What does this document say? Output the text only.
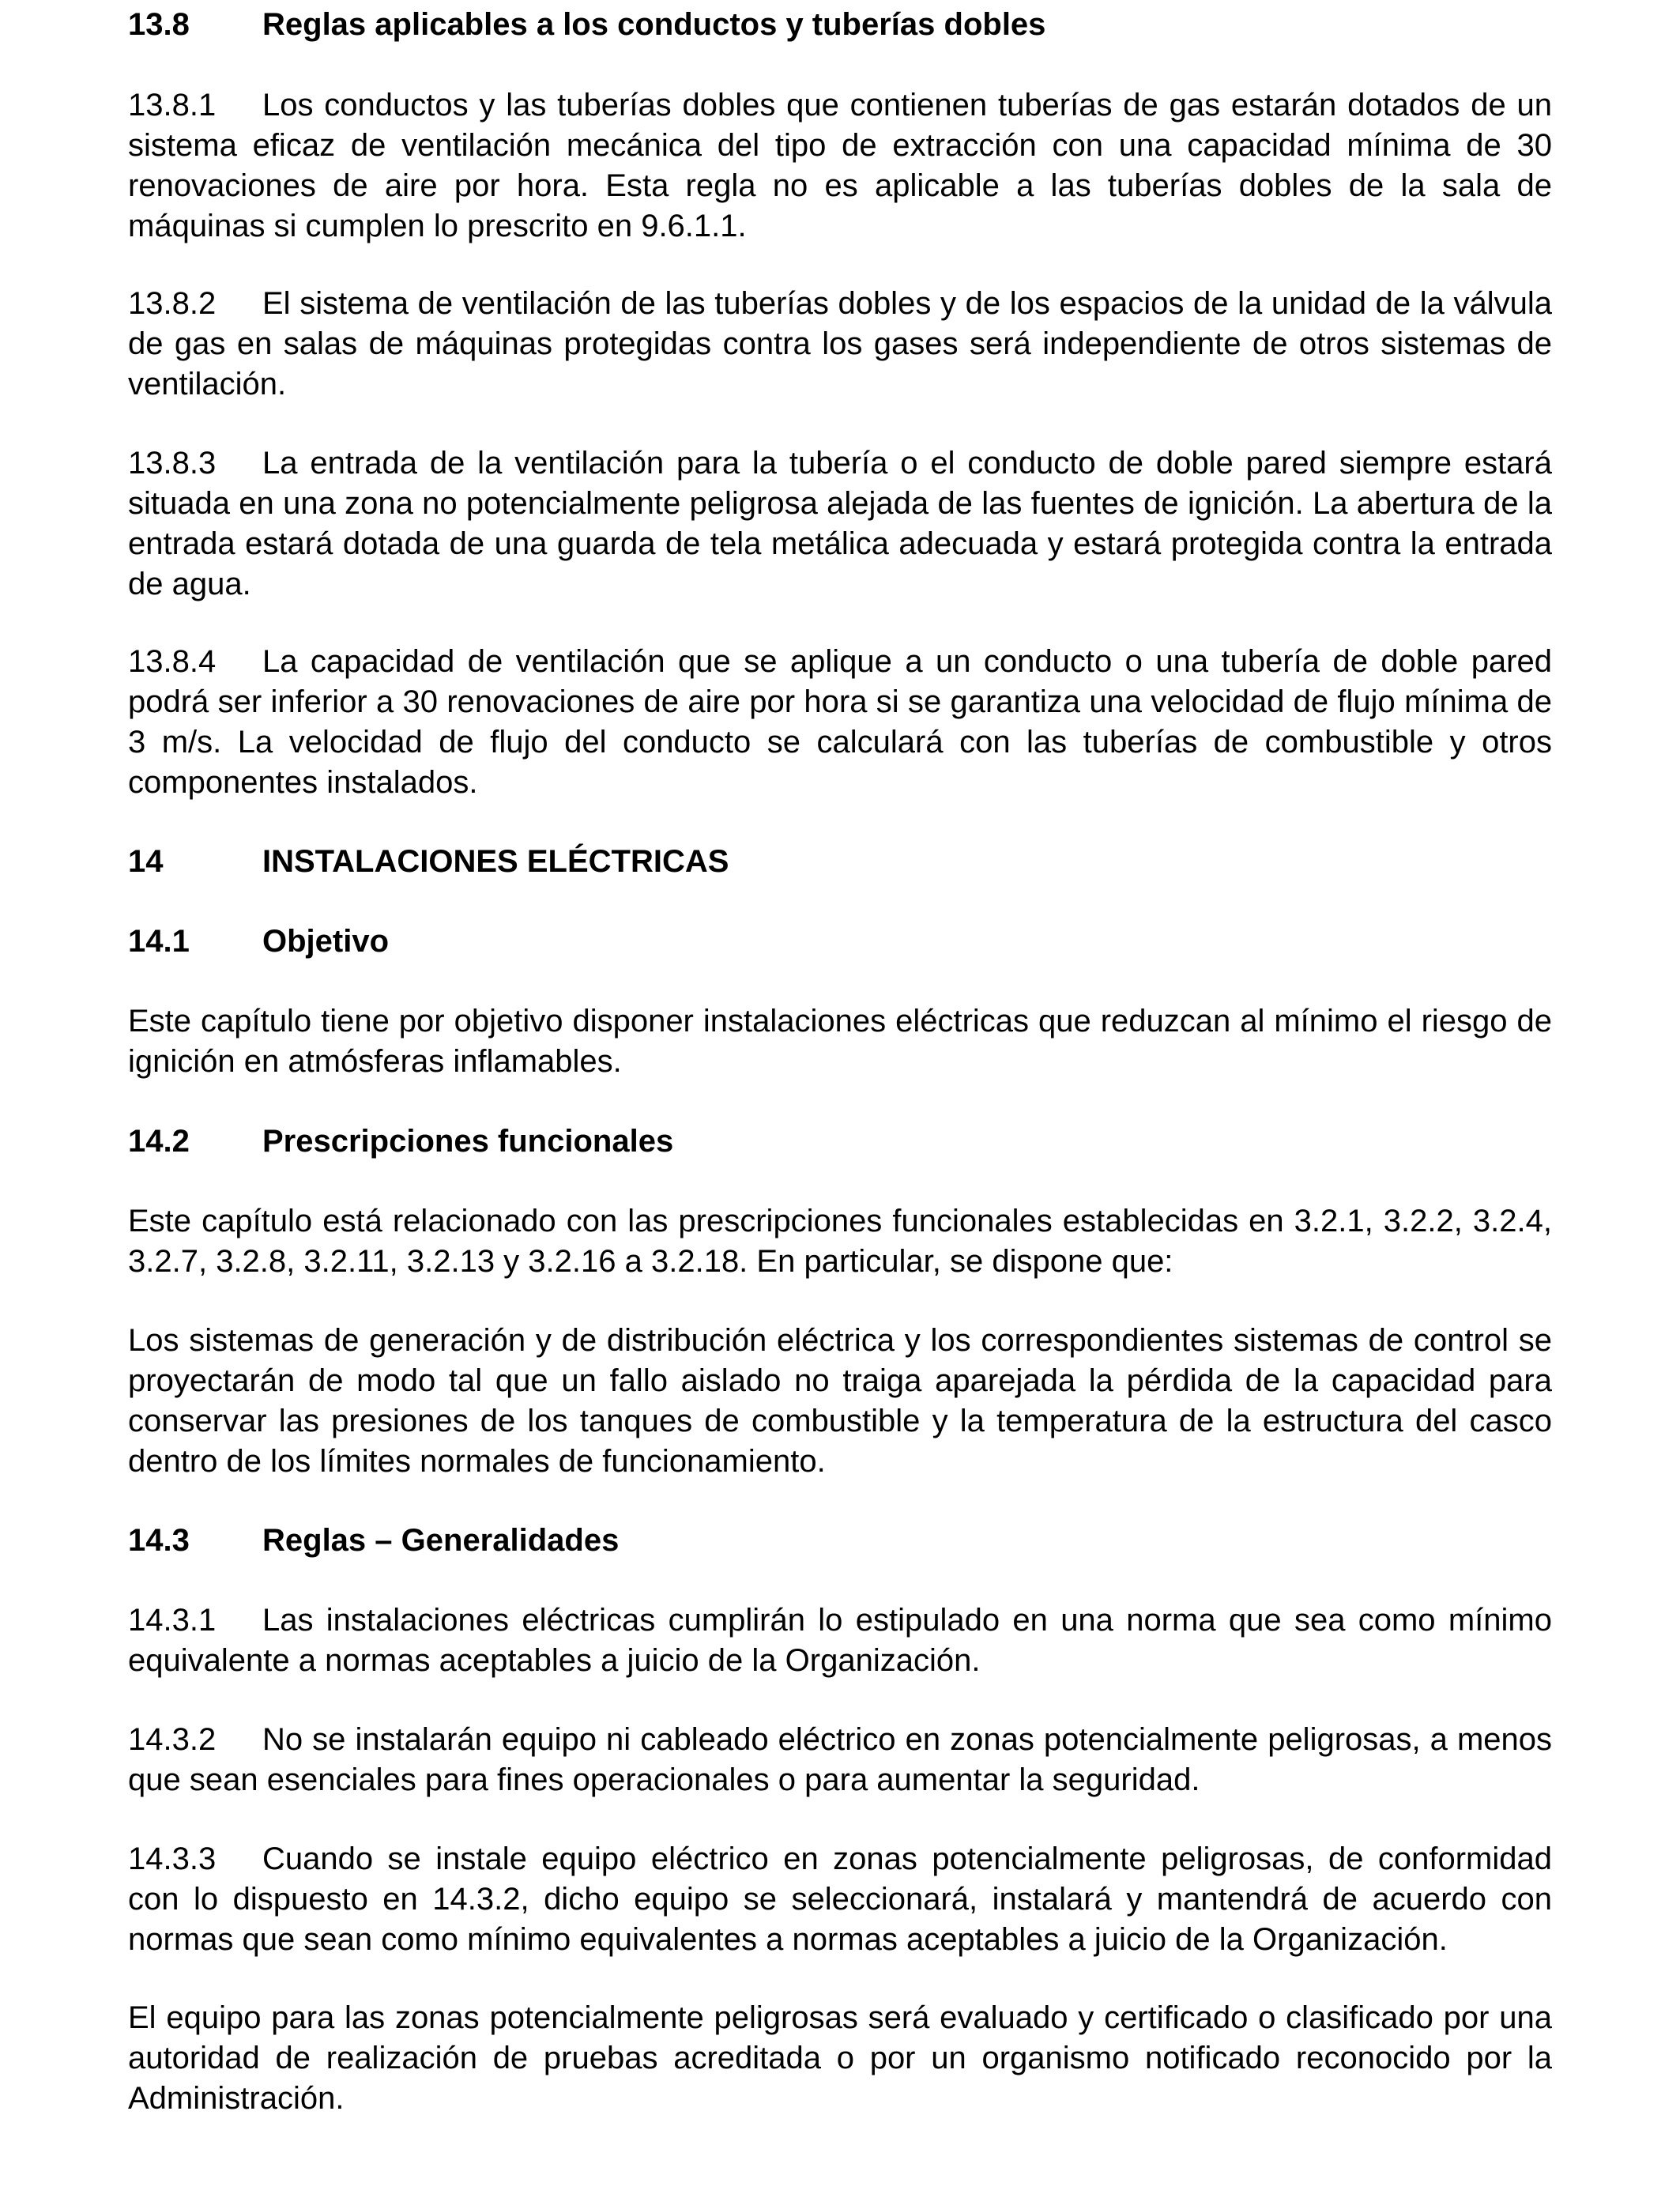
13.8 Reglas aplicables a los conductos y tuberías dobles
13.8.1 Los conductos y las tuberías dobles que contienen tuberías de gas estarán dotados de un sistema eficaz de ventilación mecánica del tipo de extracción con una capacidad mínima de 30 renovaciones de aire por hora. Esta regla no es aplicable a las tuberías dobles de la sala de máquinas si cumplen lo prescrito en 9.6.1.1.
13.8.2 El sistema de ventilación de las tuberías dobles y de los espacios de la unidad de la válvula de gas en salas de máquinas protegidas contra los gases será independiente de otros sistemas de ventilación.
13.8.3 La entrada de la ventilación para la tubería o el conducto de doble pared siempre estará situada en una zona no potencialmente peligrosa alejada de las fuentes de ignición. La abertura de la entrada estará dotada de una guarda de tela metálica adecuada y estará protegida contra la entrada de agua.
13.8.4 La capacidad de ventilación que se aplique a un conducto o una tubería de doble pared podrá ser inferior a 30 renovaciones de aire por hora si se garantiza una velocidad de flujo mínima de 3 m/s. La velocidad de flujo del conducto se calculará con las tuberías de combustible y otros componentes instalados.
14	INSTALACIONES ELÉCTRICAS
14.1 Objetivo
Este capítulo tiene por objetivo disponer instalaciones eléctricas que reduzcan al mínimo el riesgo de ignición en atmósferas inflamables.
14.2 Prescripciones funcionales
Este capítulo está relacionado con las prescripciones funcionales establecidas en 3.2.1, 3.2.2, 3.2.4, 3.2.7, 3.2.8, 3.2.11, 3.2.13 y 3.2.16 a 3.2.18. En particular, se dispone que:
Los sistemas de generación y de distribución eléctrica y los correspondientes sistemas de control se proyectarán de modo tal que un fallo aislado no traiga aparejada la pérdida de la capacidad para conservar las presiones de los tanques de combustible y la temperatura de la estructura del casco dentro de los límites normales de funcionamiento.
14.3 Reglas – Generalidades
14.3.1 Las instalaciones eléctricas cumplirán lo estipulado en una norma que sea como mínimo equivalente a normas aceptables a juicio de la Organización.
14.3.2 No se instalarán equipo ni cableado eléctrico en zonas potencialmente peligrosas, a menos que sean esenciales para fines operacionales o para aumentar la seguridad.
14.3.3 Cuando se instale equipo eléctrico en zonas potencialmente peligrosas, de conformidad con lo dispuesto en 14.3.2, dicho equipo se seleccionará, instalará y mantendrá de acuerdo con normas que sean como mínimo equivalentes a normas aceptables a juicio de la Organización.
El equipo para las zonas potencialmente peligrosas será evaluado y certificado o clasificado por una autoridad de realización de pruebas acreditada o por un organismo notificado reconocido por la Administración.
